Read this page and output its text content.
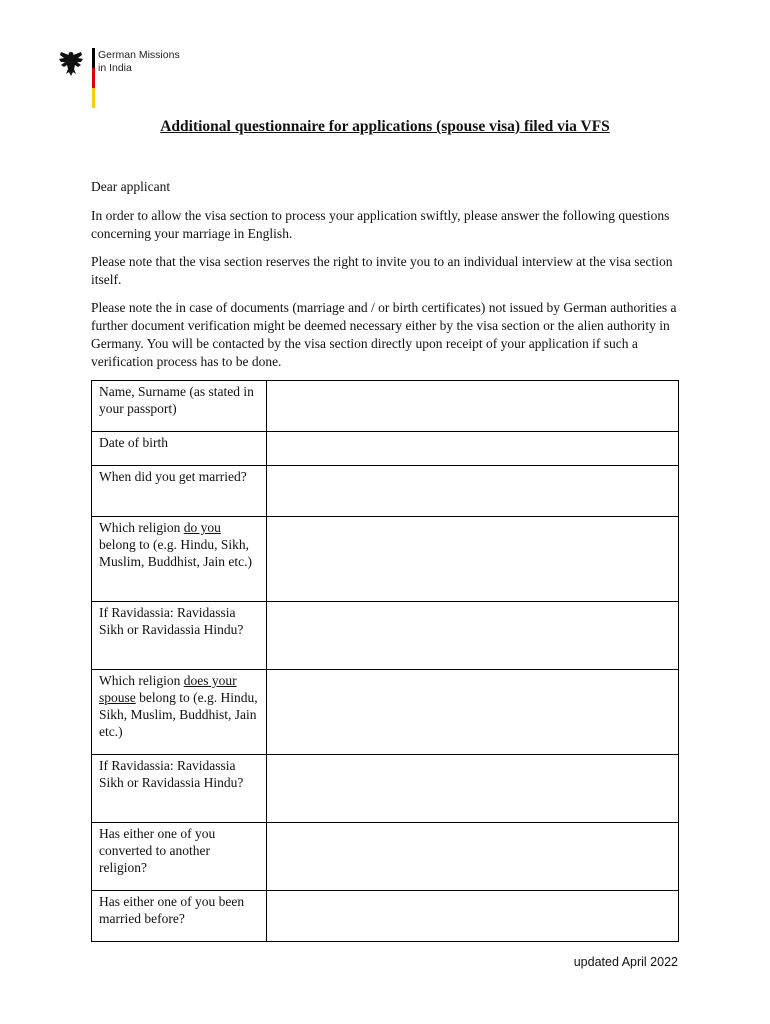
German Missions
in India
Additional questionnaire for applications (spouse visa) filed via VFS

Dear applicant

In order to allow the visa section to process your application swiftly, please answer the following questions concerning your marriage in English.

Please note that the visa section reserves the right to invite you to an individual interview at the visa section itself.

Please note the in case of documents (marriage and / or birth certificates) not issued by German authorities a further document verification might be deemed necessary either by the visa section or the alien authority in Germany. You will be contacted by the visa section directly upon receipt of your application if such a verification process has to be done.

Name, Surname (as stated in your passport)	
Date of birth	
When did you get married?	
Which religion do you belong to (e.g. Hindu, Sikh, Muslim, Buddhist, Jain etc.)	
If Ravidassia: Ravidassia Sikh or Ravidassia Hindu?	
Which religion does your spouse belong to (e.g. Hindu, Sikh, Muslim, Buddhist, Jain etc.)	
If Ravidassia: Ravidassia Sikh or Ravidassia Hindu?	
Has either one of you converted to another religion?	
Has either one of you been married before?	
updated April 2022
